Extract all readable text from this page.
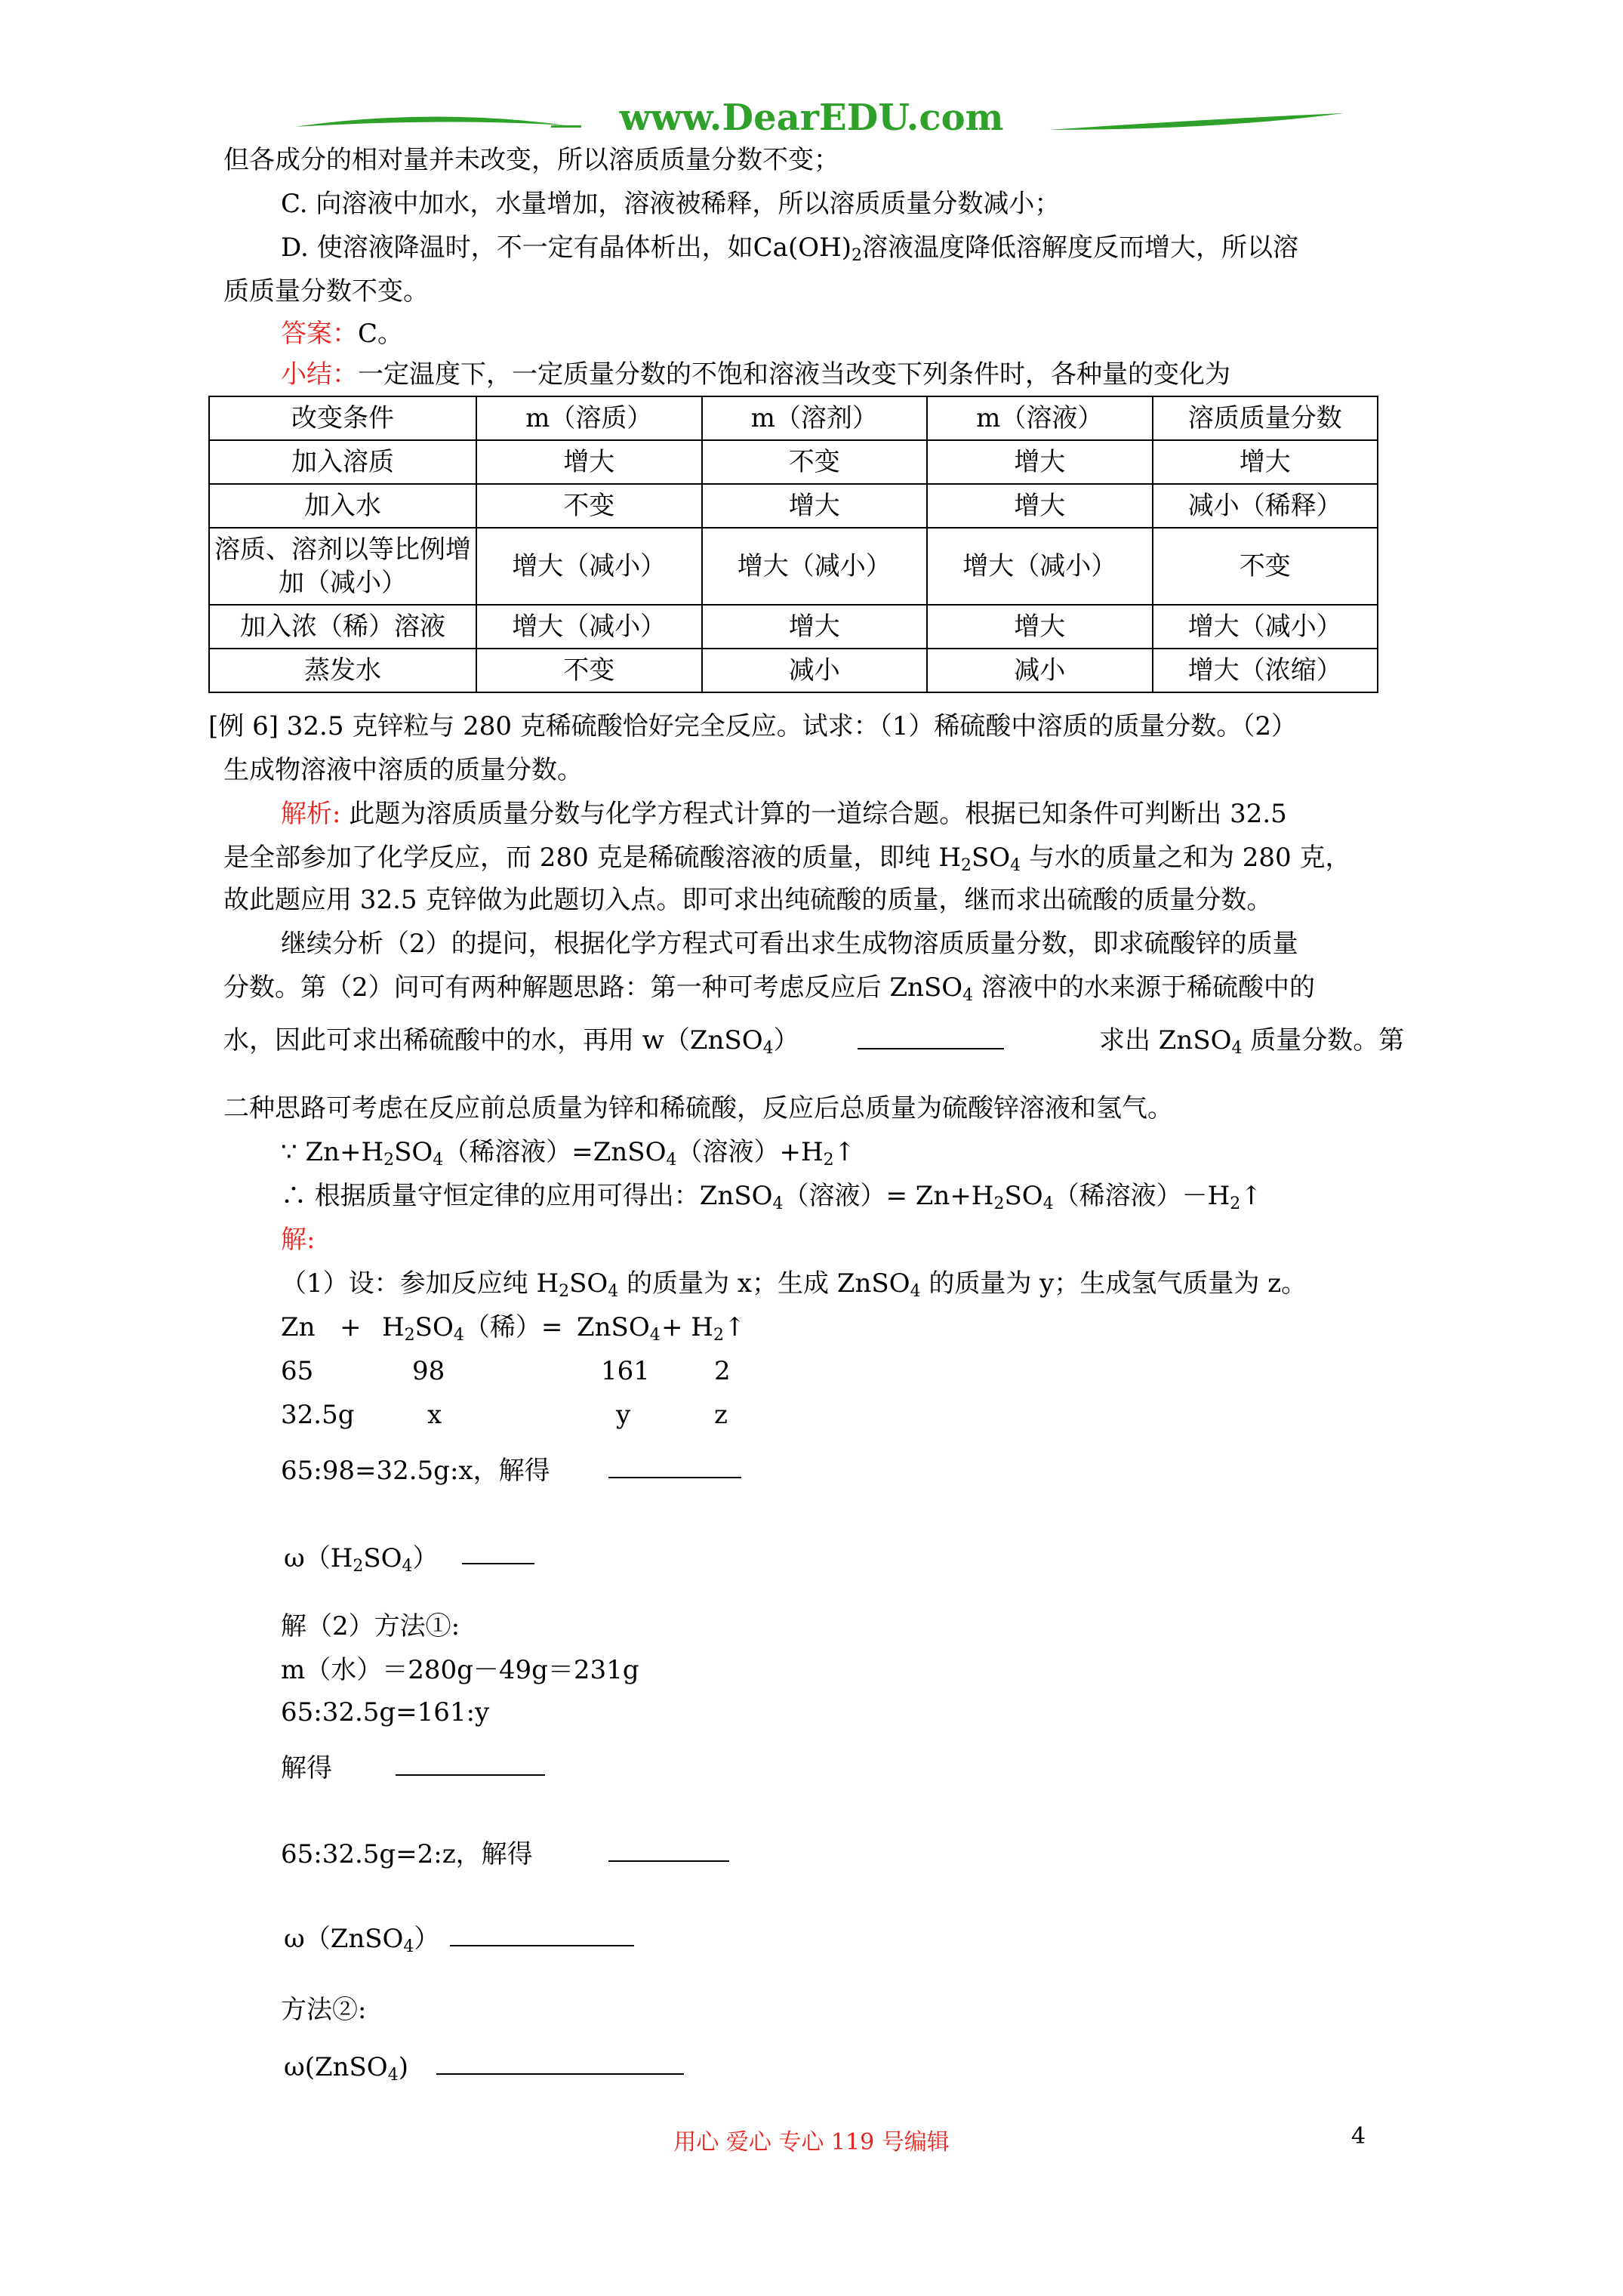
www.DearEDU.com
但各成分的相对量并未改变，所以溶质质量分数不变；
C. 向溶液中加水，水量增加，溶液被稀释，所以溶质质量分数减小；
D. 使溶液降温时，不一定有晶体析出，如$Ca(OH)_2$溶液温度降低溶解度反而增大，所以溶
质质量分数不变。
答案：C。
小结：一定温度下，一定质量分数的不饱和溶液当改变下列条件时，各种量的变化为
改变条件	m（溶质）	m（溶剂）	m（溶液）	溶质质量分数
加入溶质	增大	不变	增大	增大
加入水	不变	增大	增大	减小（稀释）
溶质、溶剂以等比例增加（减小）	增大（减小）	增大（减小）	增大（减小）	不变
加入浓（稀）溶液	增大（减小）	增大	增大	增大（减小）
蒸发水	不变	减小	减小	增大（浓缩）
[例 6] 32.5 克锌粒与 280 克稀硫酸恰好完全反应。试求：（1）稀硫酸中溶质的质量分数。（2）
生成物溶液中溶质的质量分数。
解析: 此题为溶质质量分数与化学方程式计算的一道综合题。根据已知条件可判断出 32.5
是全部参加了化学反应，而 280 克是稀硫酸溶液的质量，即纯 $H_2SO_4$ 与水的质量之和为 280 克，
故此题应用 32.5 克锌做为此题切入点。即可求出纯硫酸的质量，继而求出硫酸的质量分数。
继续分析（2）的提问，根据化学方程式可看出求生成物溶质质量分数，即求硫酸锌的质量
分数。第（2）问可有两种解题思路：第一种可考虑反应后 ZnSO$_4$ 溶液中的水来源于稀硫酸中的
水，因此可求出稀硫酸中的水，再用 w（ZnSO$_4$）	求出 ZnSO$_4$ 质量分数。第
二种思路可考虑在反应前总质量为锌和稀硫酸，反应后总质量为硫酸锌溶液和氢气。
∵ $Zn+H_2SO_4$（稀溶液）=ZnSO$_4$（溶液）$+H_2↑$
∴ 根据质量守恒定律的应用可得出：ZnSO$_4$（溶液）= $Zn+H_2SO_4$（稀溶液）$-H_2↑$
解:
（1）设：参加反应纯 $H_2SO_4$ 的质量为 x；生成 ZnSO$_4$ 的质量为 y；生成氢气质量为 z。
$Zn + H_2SO_4$（稀）= ZnSO$_4$ + $H_2↑$
65	98	161	2
32.5g	x	y	z
65:98=32.5g:x，解得
$\omega(H_2SO_4)$
解（2）方法①:
m（水）＝280g－49g＝231g
65:32.5g=161:y
解得
65:32.5g=2:z，解得
ω（ZnSO$_4$）
方法②:
ω(ZnSO$_4$)
用心 爱心 专心 119 号编辑	4
